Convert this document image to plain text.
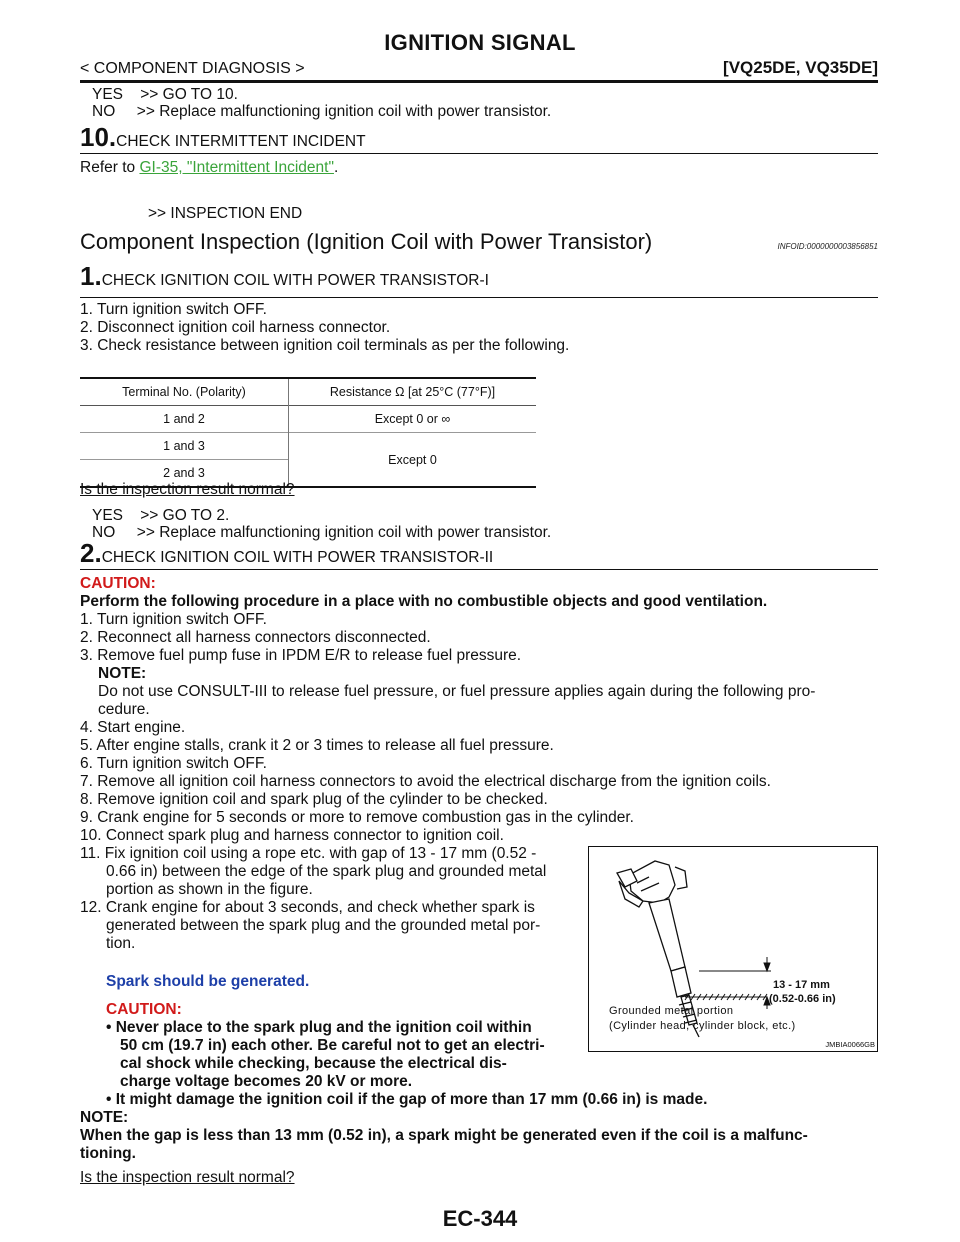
IGNITION SIGNAL
< COMPONENT DIAGNOSIS >	[VQ25DE, VQ35DE]
YES    >> GO TO 10.
NO     >> Replace malfunctioning ignition coil with power transistor.
10.CHECK INTERMITTENT INCIDENT
Refer to GI-35, "Intermittent Incident".
>> INSPECTION END
Component Inspection (Ignition Coil with Power Transistor)	INFOID:0000000003856851
1.CHECK IGNITION COIL WITH POWER TRANSISTOR-I
1. Turn ignition switch OFF.
2. Disconnect ignition coil harness connector.
3. Check resistance between ignition coil terminals as per the following.
Terminal No. (Polarity)	Resistance Ω [at 25°C (77°F)]
1 and 2	Except 0 or ∞
1 and 3	Except 0
2 and 3	
Is the inspection result normal?
YES    >> GO TO 2.
NO     >> Replace malfunctioning ignition coil with power transistor.
2.CHECK IGNITION COIL WITH POWER TRANSISTOR-II
CAUTION:
Perform the following procedure in a place with no combustible objects and good ventilation.
1. Turn ignition switch OFF.
2. Reconnect all harness connectors disconnected.
3. Remove fuel pump fuse in IPDM E/R to release fuel pressure.
NOTE:
Do not use CONSULT-III to release fuel pressure, or fuel pressure applies again during the following pro-
cedure.
4. Start engine.
5. After engine stalls, crank it 2 or 3 times to release all fuel pressure.
6. Turn ignition switch OFF.
7. Remove all ignition coil harness connectors to avoid the electrical discharge from the ignition coils.
8. Remove ignition coil and spark plug of the cylinder to be checked.
9. Crank engine for 5 seconds or more to remove combustion gas in the cylinder.
10. Connect spark plug and harness connector to ignition coil.
11. Fix ignition coil using a rope etc. with gap of 13 - 17 mm (0.52 -
0.66 in) between the edge of the spark plug and grounded metal
portion as shown in the figure.
12. Crank engine for about 3 seconds, and check whether spark is
generated between the spark plug and the grounded metal por-
tion.
Spark should be generated.
CAUTION:
• Never place to the spark plug and the ignition coil within
50 cm (19.7 in) each other. Be careful not to get an electri-
cal shock while checking, because the electrical dis-
charge voltage becomes 20 kV or more.
• It might damage the ignition coil if the gap of more than 17 mm (0.66 in) is made.
NOTE:
When the gap is less than 13 mm (0.52 in), a spark might be generated even if the coil is a malfunc-
tioning.
Is the inspection result normal?
13 - 17 mm
(0.52-0.66 in)
Grounded metal portion
(Cylinder head, cylinder block, etc.)
JMBIA0066GB
EC-344
